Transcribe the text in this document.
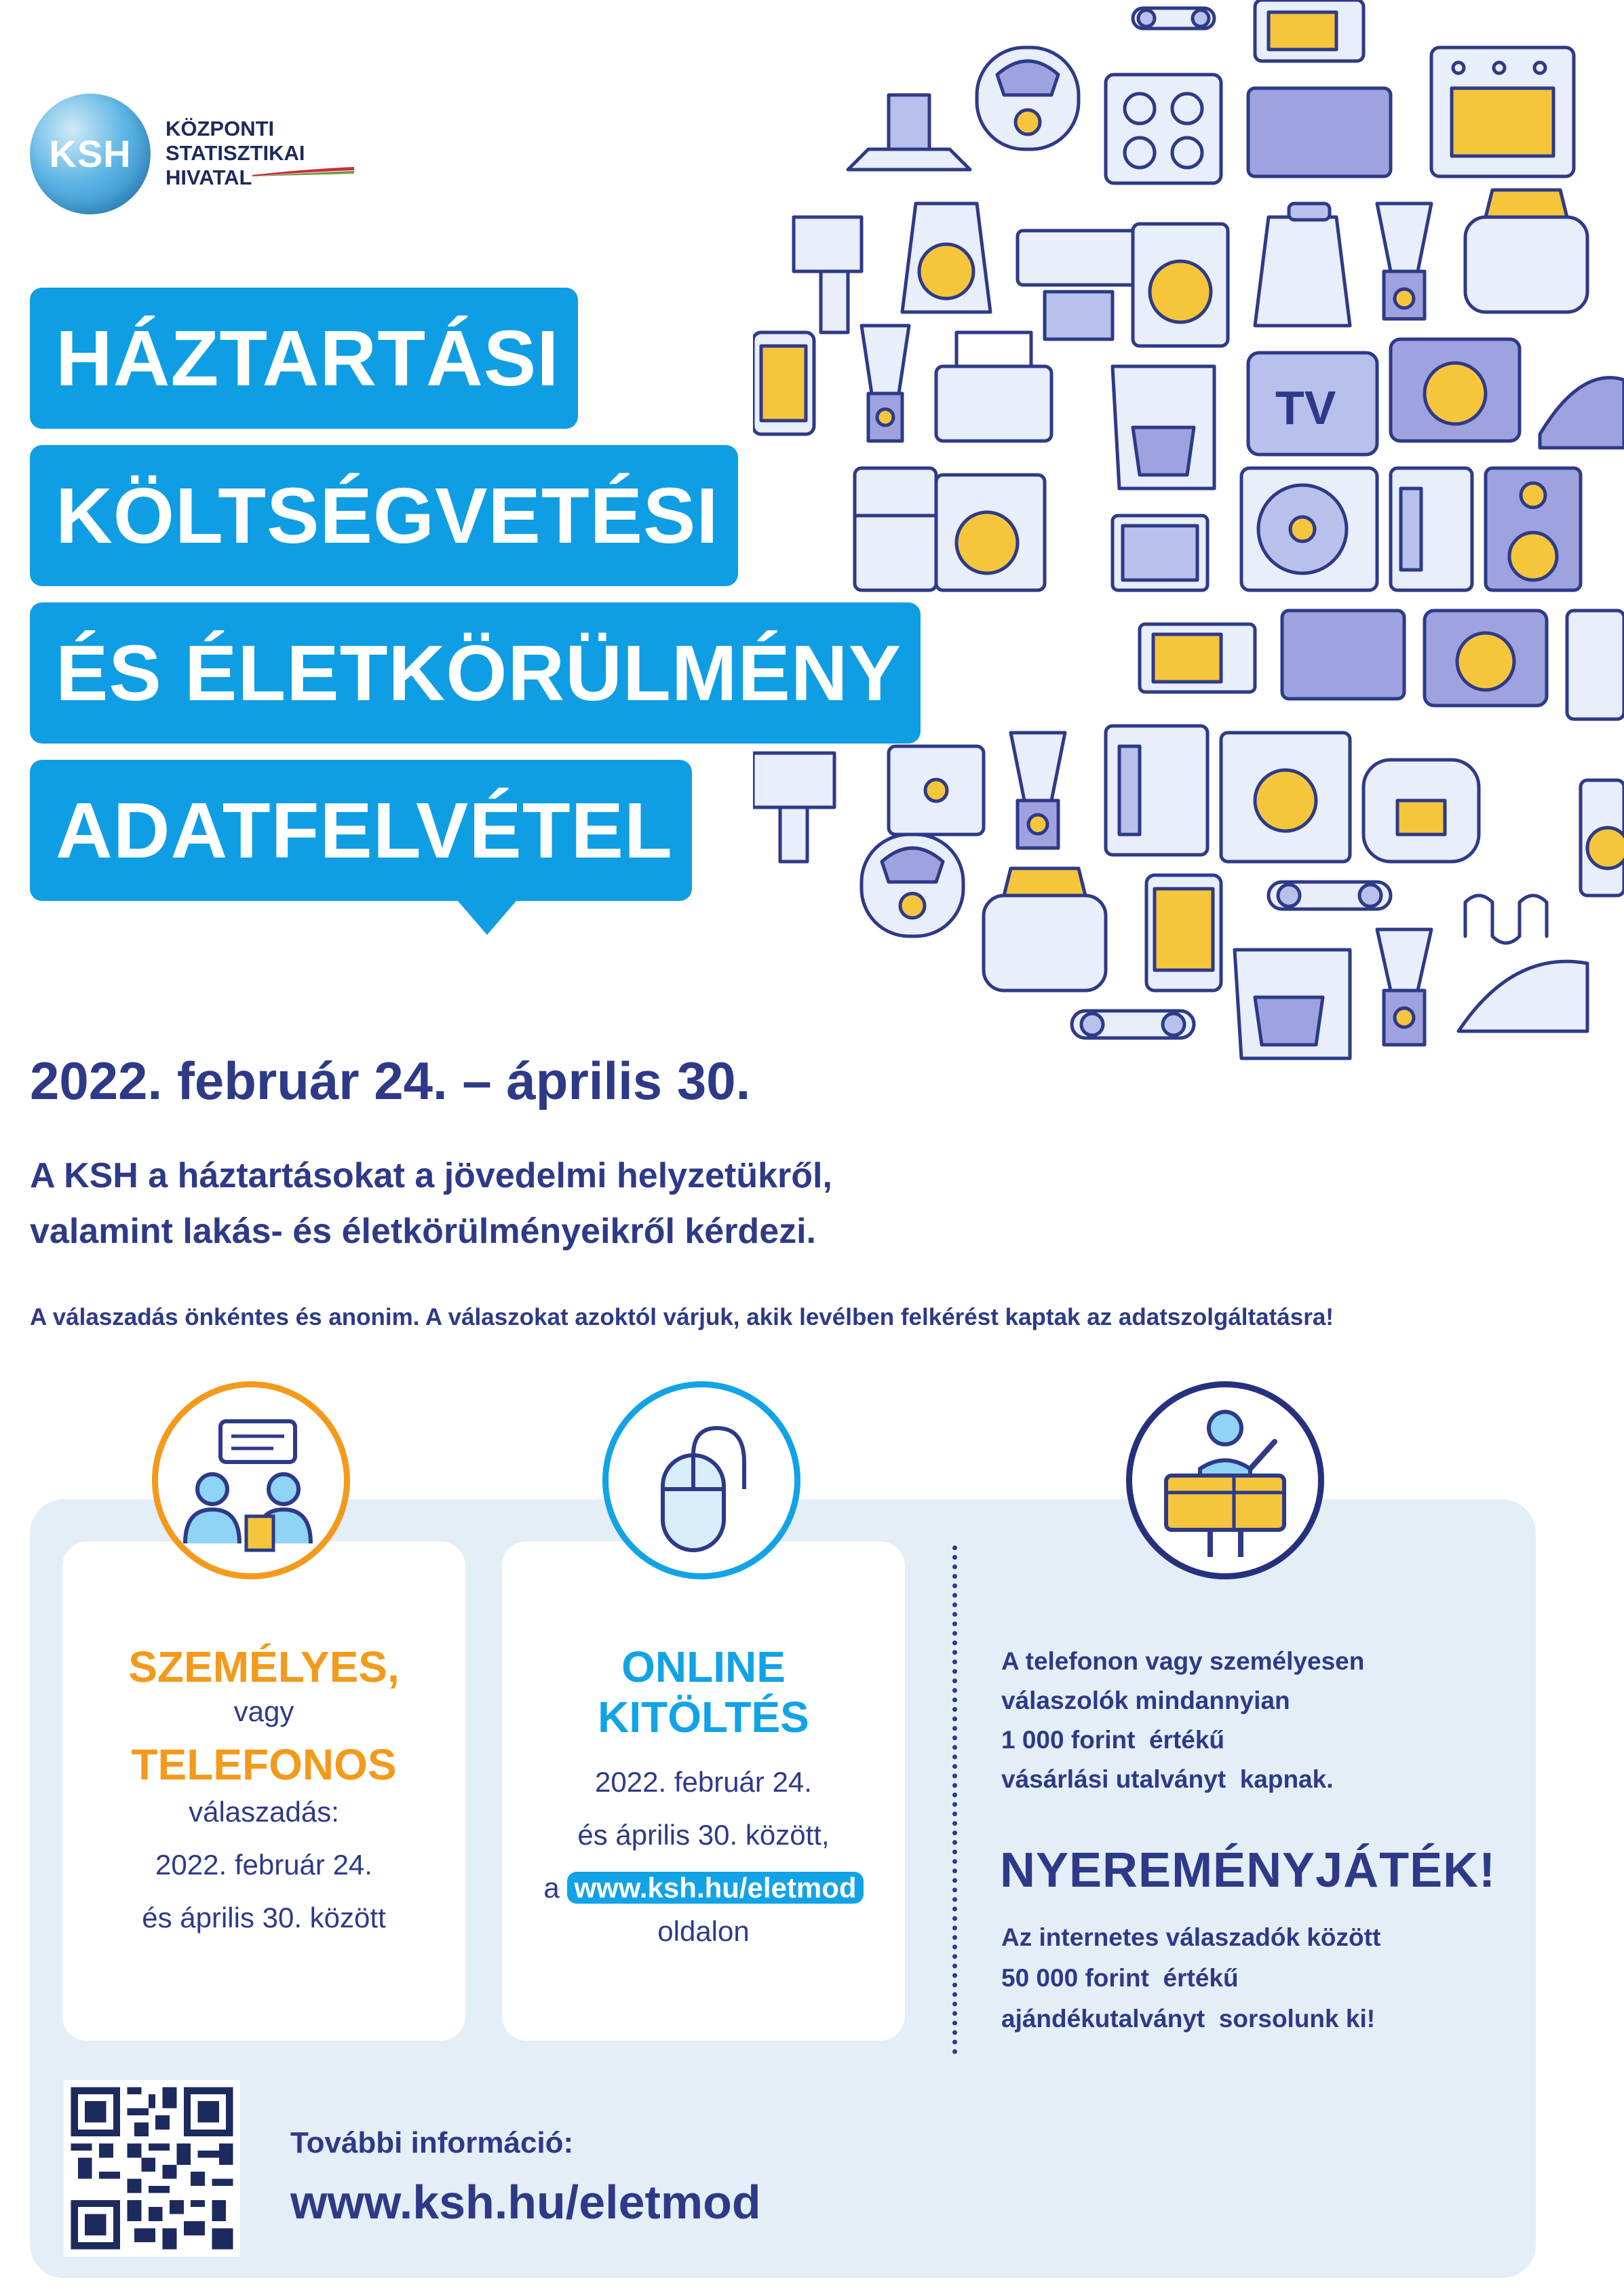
KSH
KÖZPONTI
STATISZTIKAI
HIVATAL
HÁZTARTÁSI
KÖLTSÉGVETÉSI
ÉS ÉLETKÖRÜLMÉNY
ADATFELVÉTEL
TV
2022. február 24. – április 30.
A KSH a háztartásokat a jövedelmi helyzetükről,
valamint lakás- és életkörülményeikről kérdezi.
A válaszadás önkéntes és anonim. A válaszokat azoktól várjuk, akik levélben felkérést kaptak az adatszolgáltatásra!
SZEMÉLYES,
vagy
TELEFONOS
válaszadás:
2022. február 24.
és április 30. között
ONLINE
KITÖLTÉS
2022. február 24.
és április 30. között,
a www.ksh.hu/eletmod
oldalon
A telefonon vagy személyesen
válaszolók mindannyian
1 000 forint értékű
vásárlási utalványt kapnak.
NYEREMÉNYJÁTÉK!
Az internetes válaszadók között
50 000 forint értékű
ajándékutalványt sorsolunk ki!
További információ:
www.ksh.hu/eletmod
